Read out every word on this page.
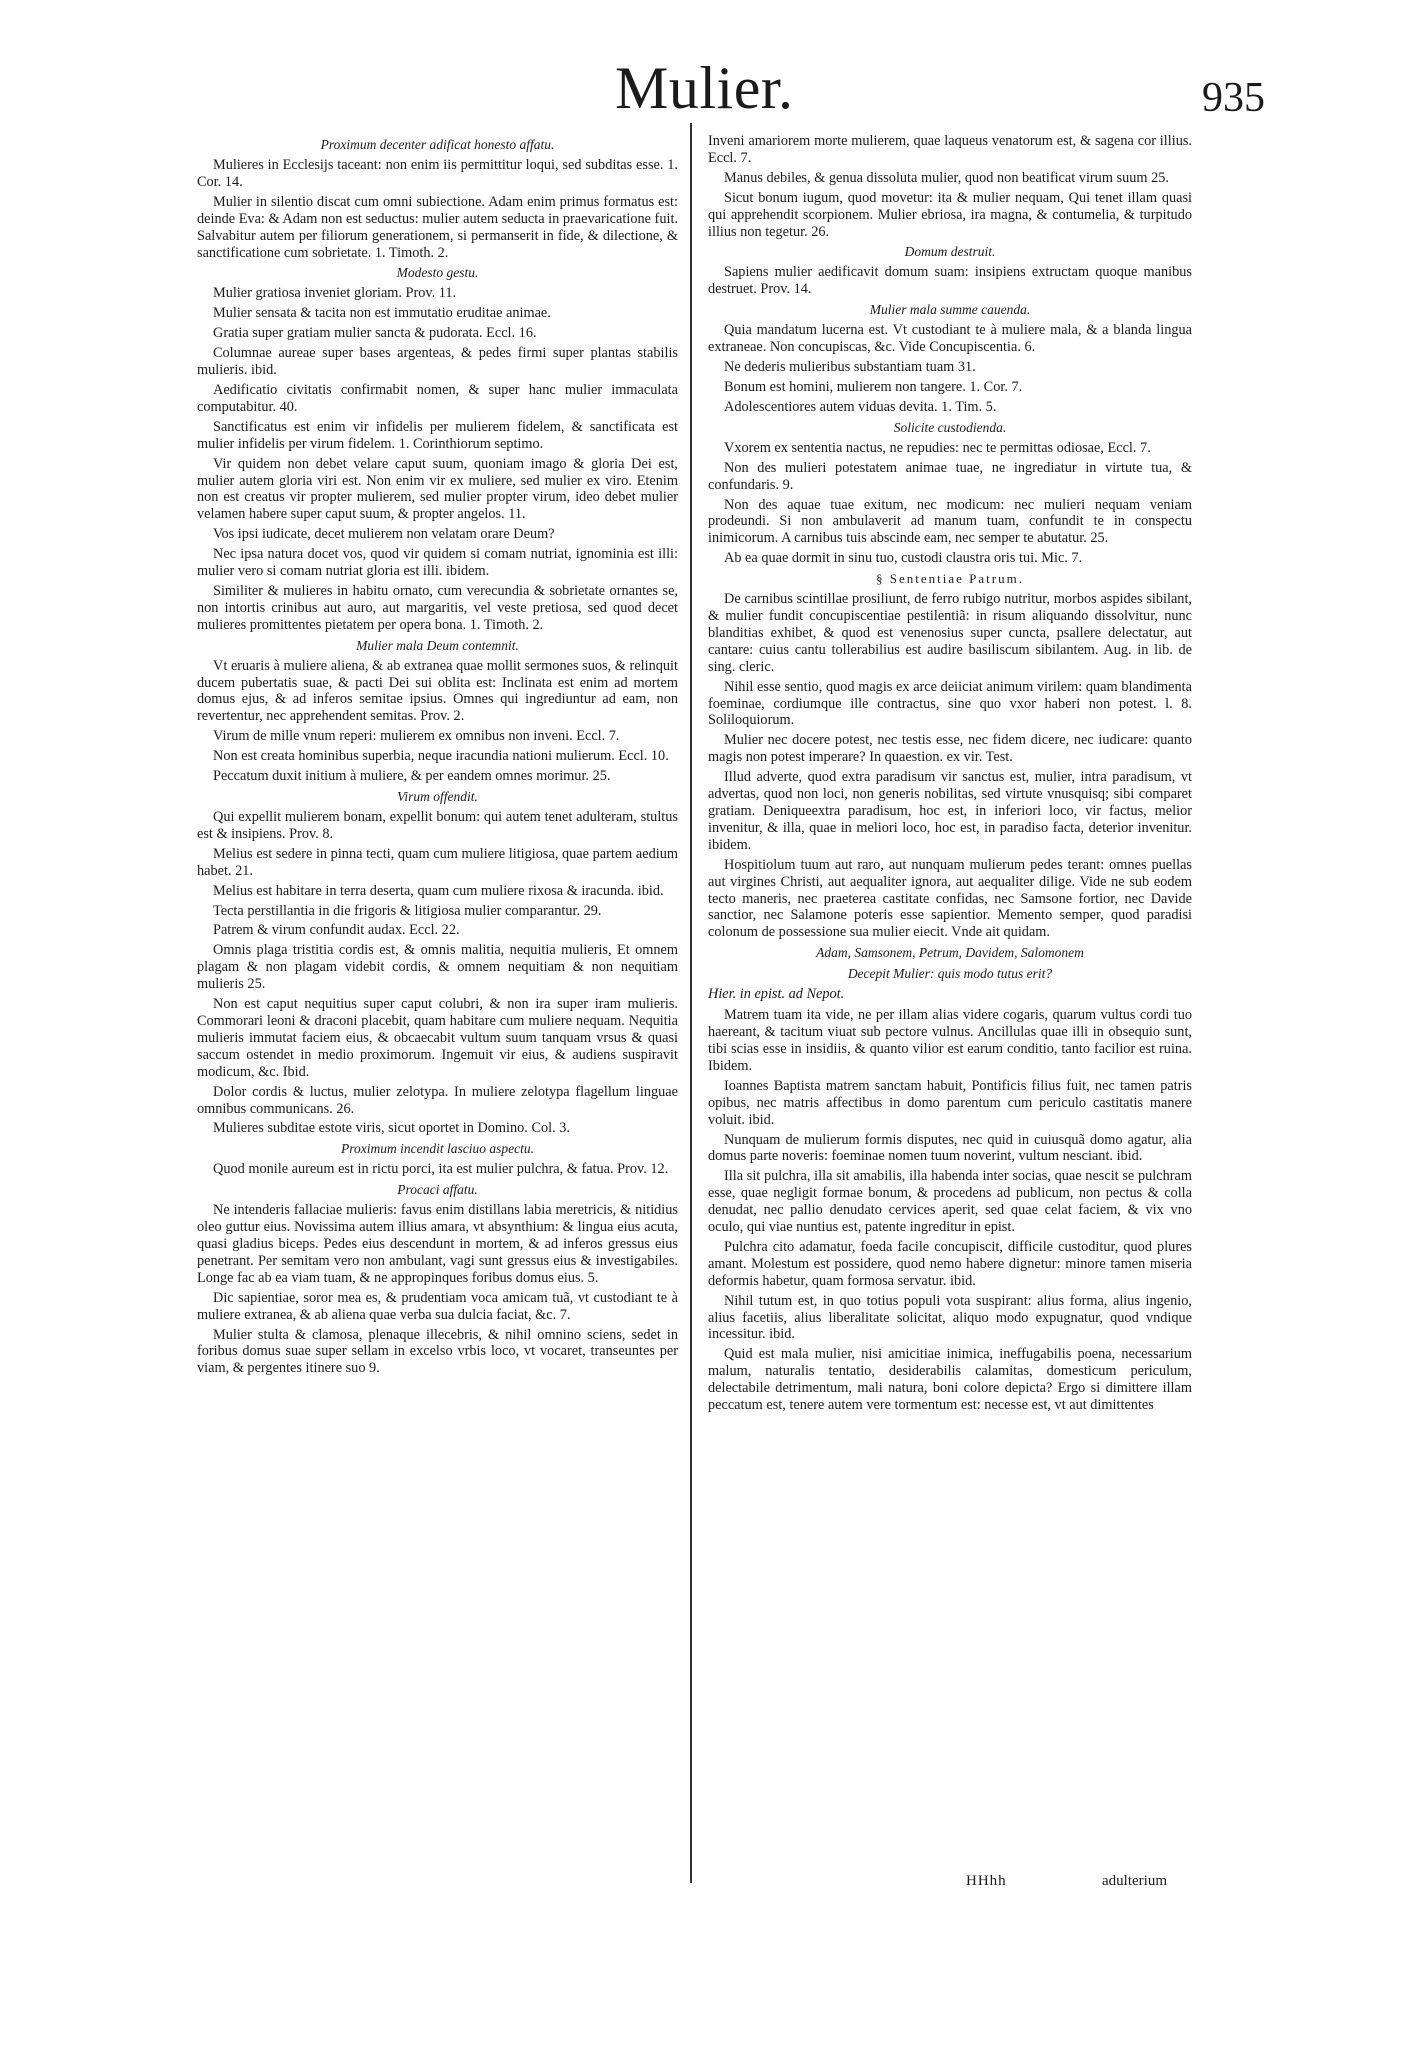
Mulier.	935
Proximum decenter adificat honesto affatu.

Mulieres in Ecclesijs taceant: non enim iis permittitur loqui, sed subditas esse. 1. Cor. 14.

Mulier in silentio discat cum omni subiectione. Adam enim primus formatus est: deinde Eva: & Adam non est seductus: mulier autem seducta in praevaricatione fuit. Salvabitur autem per filiorum generationem, si permanserit in fide, & dilectione, & sanctificatione cum sobrietate. 1. Timoth. 2.

Modesto gestu.

Mulier gratiosa inveniet gloriam. Prov. 11.

Mulier sensata & tacita non est immutatio eruditae animae.

Gratia super gratiam mulier sancta & pudorata. Eccl. 16.

Columnae aureae super bases argenteas, & pedes firmi super plantas stabilis mulieris. ibid.

Aedificatio civitatis confirmabit nomen, & super hanc mulier immaculata computabitur. 40.

Sanctificatus est enim vir infidelis per mulierem fidelem, & sanctificata est mulier infidelis per virum fidelem. 1. Corinthiorum septimo.

Vir quidem non debet velare caput suum, quoniam imago & gloria Dei est, mulier autem gloria viri est. Non enim vir ex muliere, sed mulier ex viro. Etenim non est creatus vir propter mulierem, sed mulier propter virum, ideo debet mulier velamen habere super caput suum, & propter angelos. 11.

Vos ipsi iudicate, decet mulierem non velatam orare Deum?

Nec ipsa natura docet vos, quod vir quidem si comam nutriat, ignominia est illi: mulier vero si comam nutriat gloria est illi. ibidem.

Similiter & mulieres in habitu ornato, cum verecundia & sobrietate ornantes se, non intortis crinibus aut auro, aut margaritis, vel veste pretiosa, sed quod decet mulieres promittentes pietatem per opera bona. 1. Timoth. 2.

Mulier mala Deum contemnit.

Vt eruaris à muliere aliena, & ab extranea quae mollit sermones suos, & relinquit ducem pubertatis suae, & pacti Dei sui oblita est: Inclinata est enim ad mortem domus ejus, & ad inferos semitae ipsius. Omnes qui ingrediuntur ad eam, non revertentur, nec apprehendent semitas. Prov. 2.

Virum de mille vnum reperi: mulierem ex omnibus non inveni. Eccl. 7.

Non est creata hominibus superbia, neque iracundia nationi mulierum. Eccl. 10.

Peccatum duxit initium à muliere, & per eandem omnes morimur. 25.

Virum offendit.

Qui expellit mulierem bonam, expellit bonum: qui autem tenet adulteram, stultus est & insipiens. Prov. 8.

Melius est sedere in pinna tecti, quam cum muliere litigiosa, quae partem aedium habet. 21.

Melius est habitare in terra deserta, quam cum muliere rixosa & iracunda. ibid.

Tecta perstillantia in die frigoris & litigiosa mulier comparantur. 29.

Patrem & virum confundit audax. Eccl. 22.

Omnis plaga tristitia cordis est, & omnis malitia, nequitia mulieris, Et omnem plagam & non plagam videbit cordis, & omnem nequitiam & non nequitiam mulieris 25.

Non est caput nequitius super caput colubri, & non ira super iram mulieris. Commorari leoni & draconi placebit, quam habitare cum muliere nequam. Nequitia mulieris immutat faciem eius, & obcaecabit vultum suum tanquam vrsus & quasi saccum ostendet in medio proximorum. Ingemuit vir eius, & audiens suspiravit modicum, &c. Ibid.

Dolor cordis & luctus, mulier zelotypa. In muliere zelotypa flagellum linguae omnibus communicans. 26.

Mulieres subditae estote viris, sicut oportet in Domino. Col. 3.

Proximum incendit lasciuo aspectu.

Quod monile aureum est in rictu porci, ita est mulier pulchra, & fatua. Prov. 12.

Procaci affatu.

Ne intenderis fallaciae mulieris: favus enim distillans labia meretricis, & nitidius oleo guttur eius. Novissima autem illius amara, vt absynthium: & lingua eius acuta, quasi gladius biceps. Pedes eius descendunt in mortem, & ad inferos gressus eius penetrant. Per semitam vero non ambulant, vagi sunt gressus eius & investigabiles. Longe fac ab ea viam tuam, & ne appropinques foribus domus eius. 5.

Dic sapientiae, soror mea es, & prudentiam voca amicam tuã, vt custodiant te à muliere extranea, & ab aliena quae verba sua dulcia faciat, &c. 7.

Mulier stulta & clamosa, plenaque illecebris, & nihil omnino sciens, sedet in foribus domus suae super sellam in excelso vrbis loco, vt vocaret, transeuntes per viam, & pergentes itinere suo 9.

Inveni amariorem morte mulierem, quae laqueus venatorum est, & sagena cor illius. Eccl. 7.

Manus debiles, & genua dissoluta mulier, quod non beatificat virum suum 25.

Sicut bonum iugum, quod movetur: ita & mulier nequam, Qui tenet illam quasi qui apprehendit scorpionem. Mulier ebriosa, ira magna, & contumelia, & turpitudo illius non tegetur. 26.

Domum destruit.

Sapiens mulier aedificavit domum suam: insipiens extructam quoque manibus destruet. Prov. 14.

Mulier mala summe cauenda.

Quia mandatum lucerna est. Vt custodiant te à muliere mala, & a blanda lingua extraneae. Non concupiscas, &c. Vide Concupiscentia. 6.

Ne dederis mulieribus substantiam tuam 31.

Bonum est homini, mulierem non tangere. 1. Cor. 7.

Adolescentiores autem viduas devita. 1. Tim. 5.

Solicite custodienda.

Vxorem ex sententia nactus, ne repudies: nec te permittas odiosae, Eccl. 7.

Non des mulieri potestatem animae tuae, ne ingrediatur in virtute tua, & confundaris. 9.

Non des aquae tuae exitum, nec modicum: nec mulieri nequam veniam prodeundi. Si non ambulaverit ad manum tuam, confundit te in conspectu inimicorum. A carnibus tuis abscinde eam, nec semper te abutatur. 25.

Ab ea quae dormit in sinu tuo, custodi claustra oris tui. Mic. 7.

§ Sententiae Patrum.

De carnibus scintillae prosiliunt, de ferro rubigo nutritur, morbos aspides sibilant, & mulier fundit concupiscentiae pestilentiã: in risum aliquando dissolvitur, nunc blanditias exhibet, & quod est venenosius super cuncta, psallere delectatur, aut cantare: cuius cantu tollerabilius est audire basiliscum sibilantem. Aug. in lib. de sing. cleric.

Nihil esse sentio, quod magis ex arce deiiciat animum virilem: quam blandimenta foeminae, cordiumque ille contractus, sine quo vxor haberi non potest. l. 8. Soliloquiorum.

Mulier nec docere potest, nec testis esse, nec fidem dicere, nec iudicare: quanto magis non potest imperare? In quaestion. ex vir. Test.

Illud adverte, quod extra paradisum vir sanctus est, mulier, intra paradisum, vt advertas, quod non loci, non generis nobilitas, sed virtute vnusquisq; sibi comparet gratiam. Deniqueextra paradisum, hoc est, in inferiori loco, vir factus, melior invenitur, & illa, quae in meliori loco, hoc est, in paradiso facta, deterior invenitur. ibidem.

Hospitiolum tuum aut raro, aut nunquam mulierum pedes terant: omnes puellas aut virgines Christi, aut aequaliter ignora, aut aequaliter dilige. Vide ne sub eodem tecto maneris, nec praeterea castitate confidas, nec Samsone fortior, nec Davide sanctior, nec Salamone poteris esse sapientior. Memento semper, quod paradisi colonum de possessione sua mulier eiecit. Vnde ait quidam.

Adam, Samsonem, Petrum, Davidem, Salomonem
Decepit Mulier: quis modo tutus erit?

Hier. in epist. ad Nepot.

Matrem tuam ita vide, ne per illam alias videre cogaris, quarum vultus cordi tuo haereant, & tacitum viuat sub pectore vulnus. Ancillulas quae illi in obsequio sunt, tibi scias esse in insidiis, & quanto vilior est earum conditio, tanto facilior est ruina. Ibidem.

Ioannes Baptista matrem sanctam habuit, Pontificis filius fuit, nec tamen patris opibus, nec matris affectibus in domo parentum cum periculo castitatis manere voluit. ibid.

Nunquam de mulierum formis disputes, nec quid in cuiusquã domo agatur, alia domus parte noveris: foeminae nomen tuum noverint, vultum nesciant. ibid.

Illa sit pulchra, illa sit amabilis, illa habenda inter socias, quae nescit se pulchram esse, quae negligit formae bonum, & procedens ad publicum, non pectus & colla denudat, nec pallio denudato cervices aperit, sed quae celat faciem, & vix vno oculo, qui viae nuntius est, patente ingreditur in epist.

Pulchra cito adamatur, foeda facile concupiscit, difficile custoditur, quod plures amant. Molestum est possidere, quod nemo habere dignetur: minore tamen miseria deformis habetur, quam formosa servatur. ibid.

Nihil tutum est, in quo totius populi vota suspirant: alius forma, alius ingenio, alius facetiis, alius liberalitate solicitat, aliquo modo expugnatur, quod vndique incessitur. ibid.

Quid est mala mulier, nisi amicitiae inimica, ineffugabilis poena, necessarium malum, naturalis tentatio, desiderabilis calamitas, domesticum periculum, delectabile detrimentum, mali natura, boni colore depicta? Ergo si dimittere illam peccatum est, tenere autem vere tormentum est: necesse est, vt aut dimittentes

HHhh	adulterium
